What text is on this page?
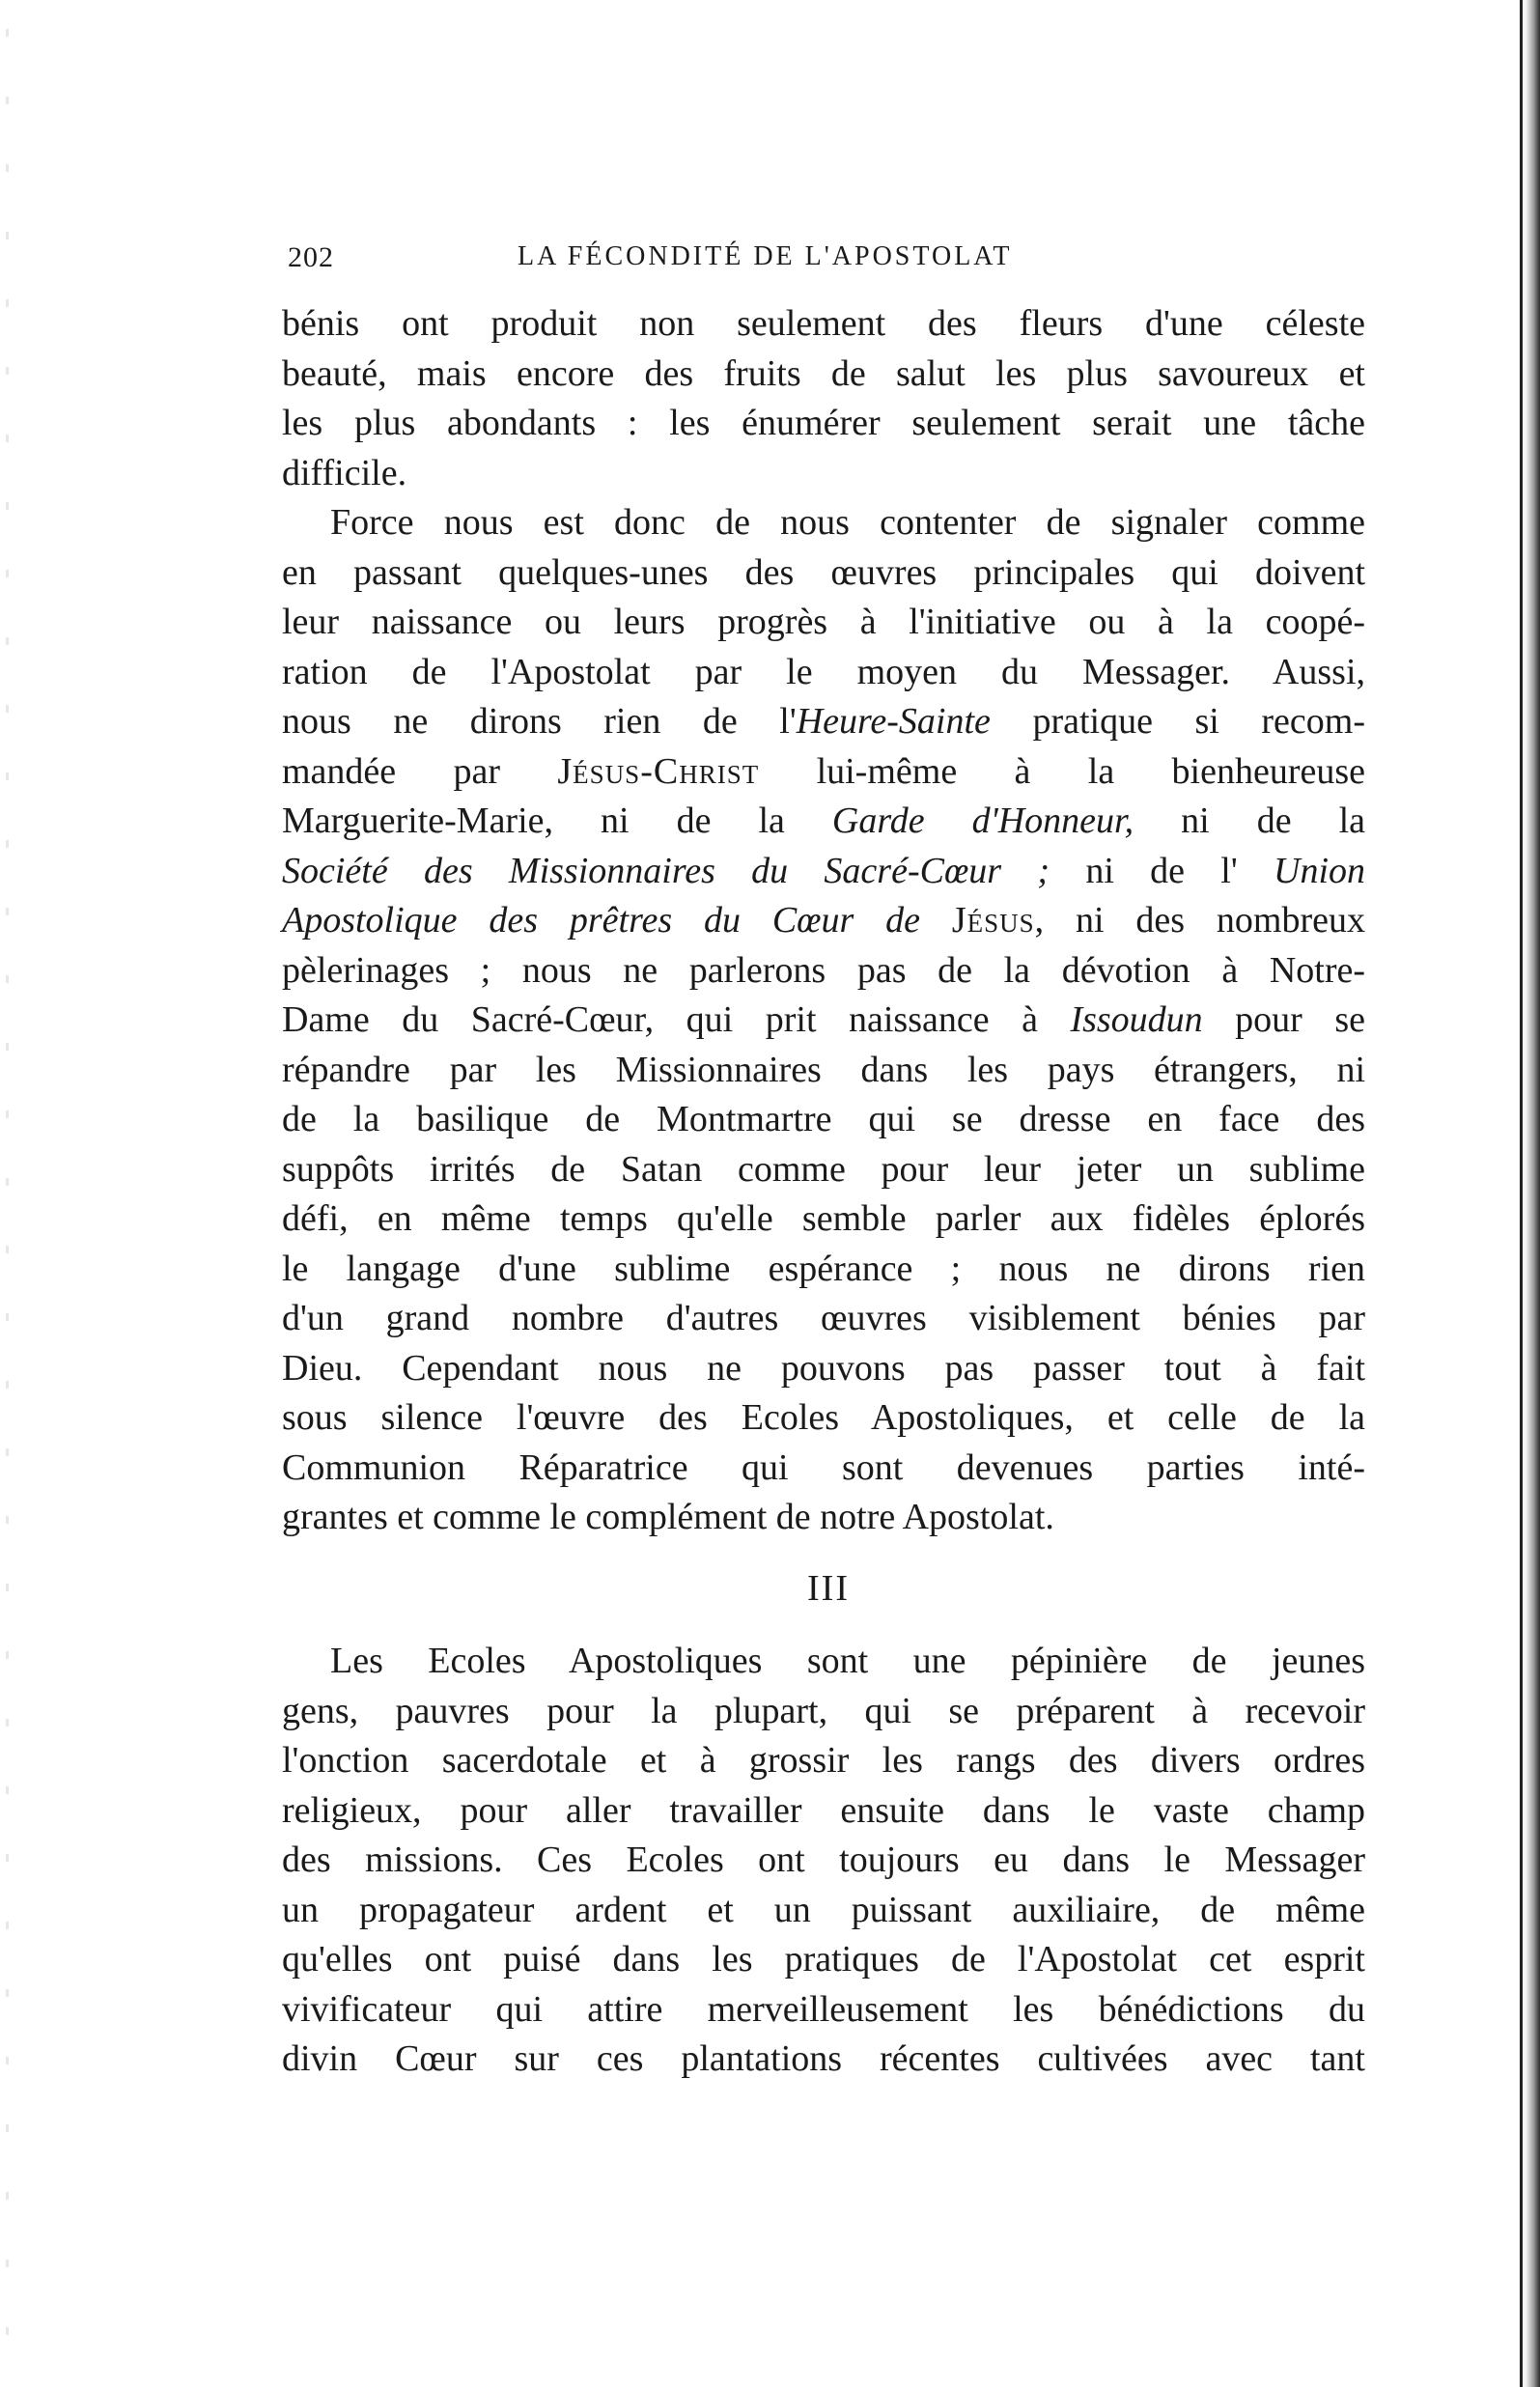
202	LA FÉCONDITÉ DE L'APOSTOLAT
bénis ont produit non seulement des fleurs d'une céleste
beauté, mais encore des fruits de salut les plus savoureux et
les plus abondants : les énumérer seulement serait une tâche
difficile.
Force nous est donc de nous contenter de signaler comme
en passant quelques-unes des œuvres principales qui doivent
leur naissance ou leurs progrès à l'initiative ou à la coopé-
ration de l'Apostolat par le moyen du Messager. Aussi,
nous ne dirons rien de l'Heure-Sainte pratique si recom-
mandée par Jésus-Christ lui-même à la bienheureuse
Marguerite-Marie, ni de la Garde d'Honneur, ni de la
Société des Missionnaires du Sacré-Cœur ; ni de l' Union
Apostolique des prêtres du Cœur de Jésus, ni des nombreux
pèlerinages ; nous ne parlerons pas de la dévotion à Notre-
Dame du Sacré-Cœur, qui prit naissance à Issoudun pour se
répandre par les Missionnaires dans les pays étrangers, ni
de la basilique de Montmartre qui se dresse en face des
suppôts irrités de Satan comme pour leur jeter un sublime
défi, en même temps qu'elle semble parler aux fidèles éplorés
le langage d'une sublime espérance ; nous ne dirons rien
d'un grand nombre d'autres œuvres visiblement bénies par
Dieu. Cependant nous ne pouvons pas passer tout à fait
sous silence l'œuvre des Ecoles Apostoliques, et celle de la
Communion Réparatrice qui sont devenues parties inté-
grantes et comme le complément de notre Apostolat.
III
Les Ecoles Apostoliques sont une pépinière de jeunes
gens, pauvres pour la plupart, qui se préparent à recevoir
l'onction sacerdotale et à grossir les rangs des divers ordres
religieux, pour aller travailler ensuite dans le vaste champ
des missions. Ces Ecoles ont toujours eu dans le Messager
un propagateur ardent et un puissant auxiliaire, de même
qu'elles ont puisé dans les pratiques de l'Apostolat cet esprit
vivificateur qui attire merveilleusement les bénédictions du
divin Cœur sur ces plantations récentes cultivées avec tant
